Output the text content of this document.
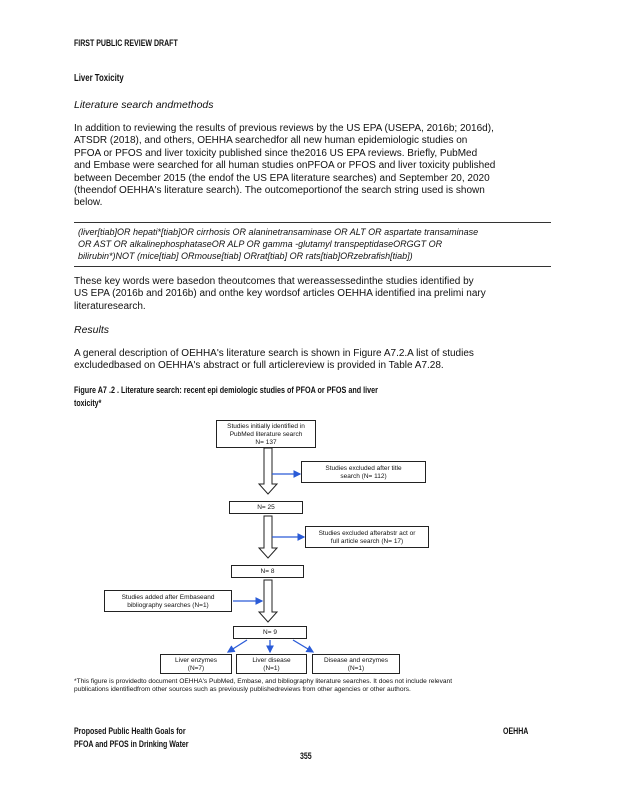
FIRST PUBLIC REVIEW DRAFT
Liver Toxicity
Literature search andmethods
In addition to reviewing the results of previous reviews by the US EPA (USEPA, 2016b; 2016d),
ATSDR (2018), and others, OEHHA searchedfor all new human epidemiologic studies on
PFOA or PFOS and liver toxicity published since the2016 US EPA reviews. Briefly, PubMed
and Embase were searched for all human studies onPFOA or PFOS and liver toxicity published
between December 2015 (the endof the US EPA literature searches) and September 20, 2020
(theendof OEHHA's literature search). The outcomeportionof the search string used is shown
below.
(liver[tiab]OR hepati*[tiab]OR cirrhosis OR alaninetransaminase OR ALT OR aspartate transaminase
OR AST OR alkalinephosphataseOR ALP OR gamma -glutamyl transpeptidaseORGGT OR
bilirubin*)NOT (mice[tiab] ORmouse[tiab] ORrat[tiab] OR rats[tiab]ORzebrafish[tiab])
These key words were basedon theoutcomes that wereassessedinthe studies identified by
US EPA (2016b and 2016b) and onthe key wordsof articles OEHHA identified ina prelimi nary
literaturesearch.
Results
A general description of OEHHA's literature search is shown in Figure A7.2.A list of studies
excludedbased on OEHHA's abstract or full articlereview is provided in Table A7.28.
Figure A7 .2 . Literature search: recent epi demiologic studies of PFOA or PFOS and liver
toxicity*
Studies initially identified in
PubMed literature search
N= 137
Studies excluded after title
search (N= 112)
N= 25
Studies excluded afterabstr act or
full article search (N= 17)
N= 8
Studies added after Embaseand
bibliography searches (N=1)
N= 9
Liver enzymes
(N=7)
Liver disease
(N=1)
Disease and enzymes
(N=1)
*This figure is providedto document OEHHA's PubMed, Embase, and bibliography literature searches. It does not include relevant
publications identifiedfrom other sources such as previously publishedreviews from other agencies or other authors.
Proposed Public Health Goals for
PFOA and PFOS in Drinking Water
OEHHA
355
